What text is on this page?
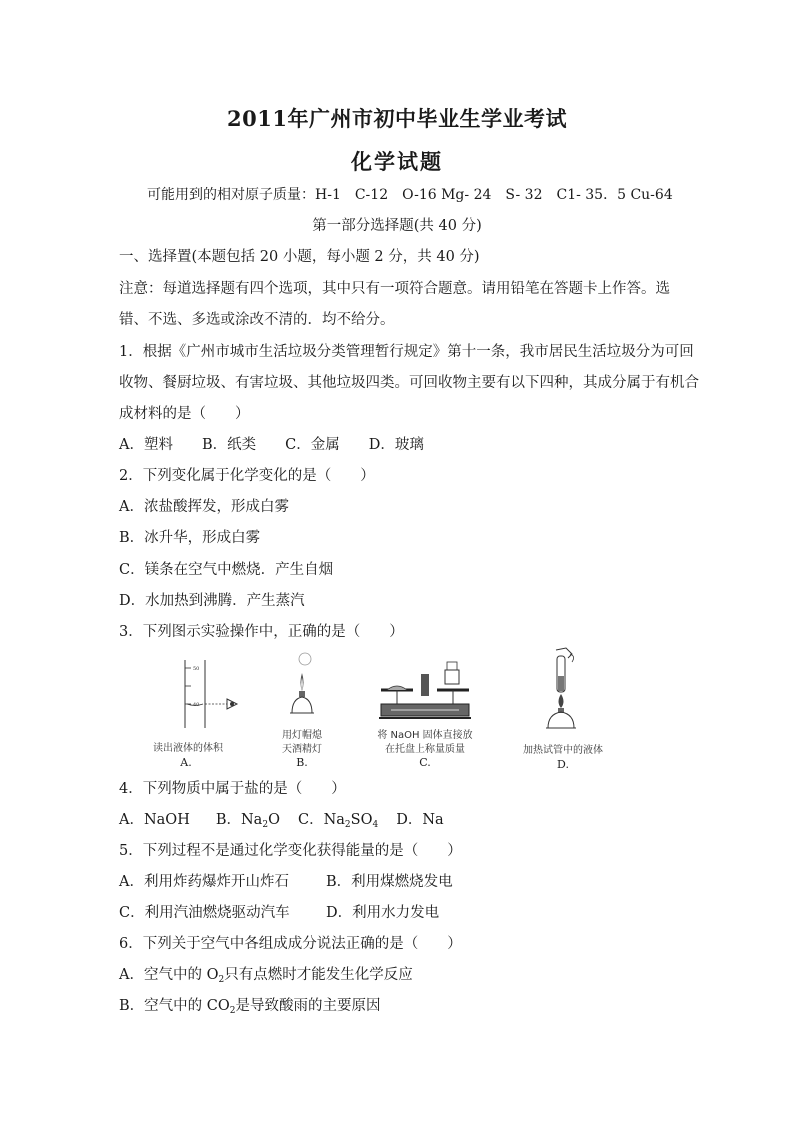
2011年广州市初中毕业生学业考试
化学试题
可能用到的相对原子质量：H-1　C-12　O-16 Mg- 24　S- 32　C1- 35．5 Cu-64
第一部分选择题(共 40 分)
一、选择置(本题包括 20 小题，每小题 2 分，共 40 分)
注意：每道选择题有四个选项，其中只有一项符合题意。请用铅笔在答题卡上作答。选
错、不选、多选或涂改不清的．均不给分。
1．根据《广州市城市生活垃圾分类管理暂行规定》第十一条，我市居民生活垃圾分为可回
收物、餐厨垃圾、有害垃圾、其他垃圾四类。可回收物主要有以下四种，其成分属于有机合
成材料的是（　　）
A．塑料　　B．纸类　　C．金属　　D．玻璃
2．下列变化属于化学变化的是（　　）
A．浓盐酸挥发，形成白雾
B．冰升华，形成白雾
C．镁条在空气中燃烧．产生自烟
D．水加热到沸腾．产生蒸汽
3．下列图示实验操作中，正确的是（　　）
50
40
读出液体的体积
A.
用灯帽熄
天酒精灯
B.
将 NaOH 固体直接放
在托盘上称量质量
C.
加热试管中的液体
D.
4．下列物质中属于盐的是（　　）
A．NaOH B．$Na_2O$ C．$Na_2SO_4$ D．Na
5．下列过程不是通过化学变化获得能量的是（　　）
A．利用炸药爆炸开山炸石	B．利用煤燃烧发电
C．利用汽油燃烧驱动汽车	D．利用水力发电
6．下列关于空气中各组成成分说法正确的是（　　）
A．空气中的 $O_2$只有点燃时才能发生化学反应
B．空气中的 $CO_2$是导致酸雨的主要原因
